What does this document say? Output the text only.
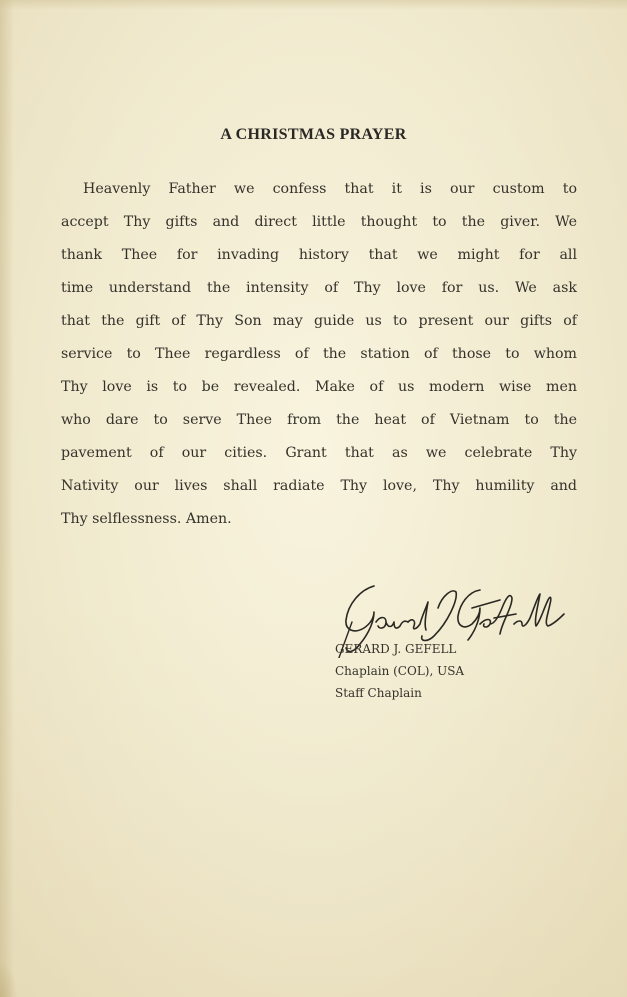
A CHRISTMAS PRAYER
Heavenly Father we confess that it is our custom to
accept Thy gifts and direct little thought to the giver. We
thank Thee for invading history that we might for all
time understand the intensity of Thy love for us. We ask
that the gift of Thy Son may guide us to present our gifts of
service to Thee regardless of the station of those to whom
Thy love is to be revealed. Make of us modern wise men
who dare to serve Thee from the heat of Vietnam to the
pavement of our cities. Grant that as we celebrate Thy
Nativity our lives shall radiate Thy love, Thy humility and
Thy selflessness. Amen.
GERARD J. GEFELL
Chaplain (COL), USA
Staff Chaplain
